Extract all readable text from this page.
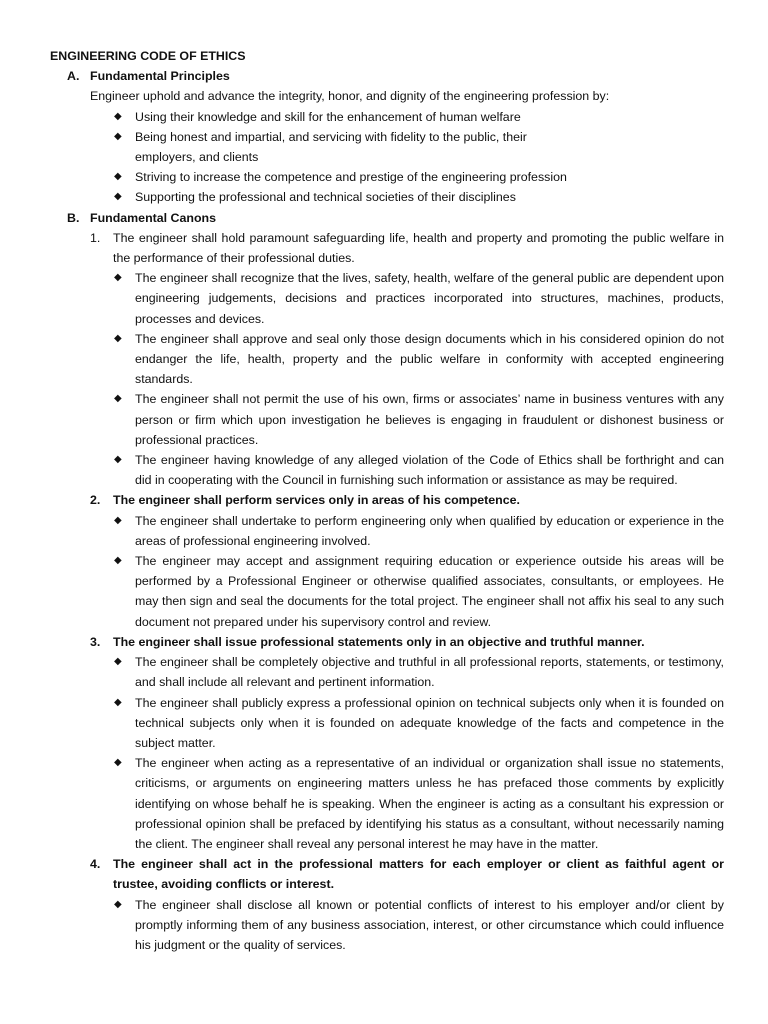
ENGINEERING CODE OF ETHICS
A. Fundamental Principles
Engineer uphold and advance the integrity, honor, and dignity of the engineering profession by:
◆ Using their knowledge and skill for the enhancement of human welfare
◆ Being honest and impartial, and servicing with fidelity to the public, their employers, and clients
◆ Striving to increase the competence and prestige of the engineering profession
◆ Supporting the professional and technical societies of their disciplines
B. Fundamental Canons
1. The engineer shall hold paramount safeguarding life, health and property and promoting the public welfare in the performance of their professional duties.
◆ The engineer shall recognize that the lives, safety, health, welfare of the general public are dependent upon engineering judgements, decisions and practices incorporated into structures, machines, products, processes and devices.
◆ The engineer shall approve and seal only those design documents which in his considered opinion do not endanger the life, health, property and the public welfare in conformity with accepted engineering standards.
◆ The engineer shall not permit the use of his own, firms or associates’ name in business ventures with any person or firm which upon investigation he believes is engaging in fraudulent or dishonest business or professional practices.
◆ The engineer having knowledge of any alleged violation of the Code of Ethics shall be forthright and can did in cooperating with the Council in furnishing such information or assistance as may be required.
2. The engineer shall perform services only in areas of his competence.
◆ The engineer shall undertake to perform engineering only when qualified by education or experience in the areas of professional engineering involved.
◆ The engineer may accept and assignment requiring education or experience outside his areas will be performed by a Professional Engineer or otherwise qualified associates, consultants, or employees. He may then sign and seal the documents for the total project. The engineer shall not affix his seal to any such document not prepared under his supervisory control and review.
3. The engineer shall issue professional statements only in an objective and truthful manner.
◆ The engineer shall be completely objective and truthful in all professional reports, statements, or testimony, and shall include all relevant and pertinent information.
◆ The engineer shall publicly express a professional opinion on technical subjects only when it is founded on technical subjects only when it is founded on adequate knowledge of the facts and competence in the subject matter.
◆ The engineer when acting as a representative of an individual or organization shall issue no statements, criticisms, or arguments on engineering matters unless he has prefaced those comments by explicitly identifying on whose behalf he is speaking. When the engineer is acting as a consultant his expression or professional opinion shall be prefaced by identifying his status as a consultant, without necessarily naming the client. The engineer shall reveal any personal interest he may have in the matter.
4. The engineer shall act in the professional matters for each employer or client as faithful agent or trustee, avoiding conflicts or interest.
◆ The engineer shall disclose all known or potential conflicts of interest to his employer and/or client by promptly informing them of any business association, interest, or other circumstance which could influence his judgment or the quality of services.
